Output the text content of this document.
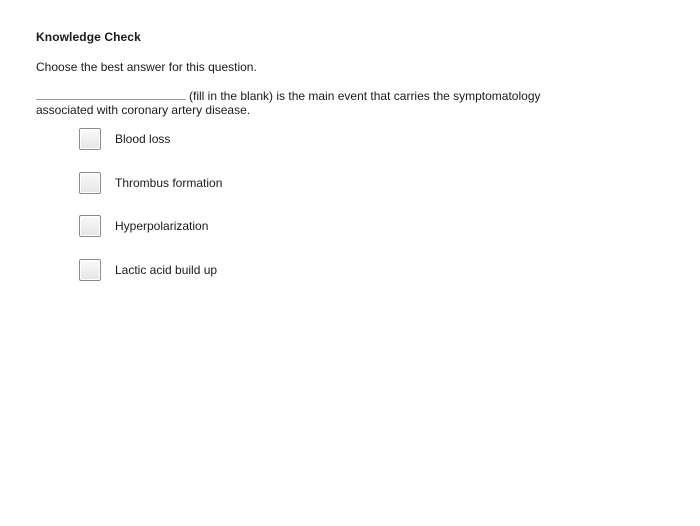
Knowledge Check
Choose the best answer for this question.
(fill in the blank) is the main event that carries the symptomatology associated with coronary artery disease.
Blood loss
Thrombus formation
Hyperpolarization
Lactic acid build up
